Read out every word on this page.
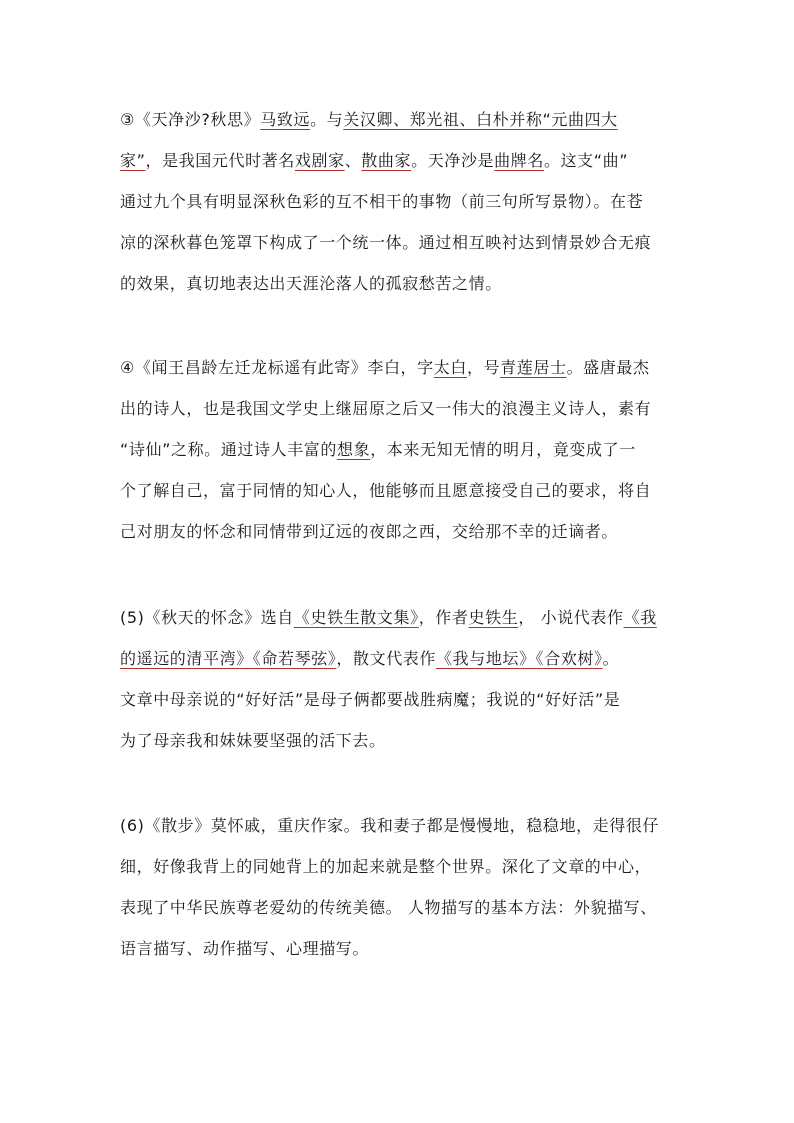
③《天净沙?秋思》马致远。与关汉卿、郑光祖、白朴并称“元曲四大
家”，是我国元代时著名戏剧家、散曲家。天净沙是曲牌名。这支“曲”
通过九个具有明显深秋色彩的互不相干的事物（前三句所写景物）。在苍
凉的深秋暮色笼罩下构成了一个统一体。通过相互映衬达到情景妙合无痕
的效果，真切地表达出天涯沦落人的孤寂愁苦之情。
④《闻王昌龄左迁龙标遥有此寄》李白，字太白，号青莲居士。盛唐最杰
出的诗人，也是我国文学史上继屈原之后又一伟大的浪漫主义诗人，素有
“诗仙”之称。通过诗人丰富的想象，本来无知无情的明月，竟变成了一
个了解自己，富于同情的知心人，他能够而且愿意接受自己的要求，将自
己对朋友的怀念和同情带到辽远的夜郎之西，交给那不幸的迁谪者。
(5)《秋天的怀念》选自《史铁生散文集》，作者史铁生， 小说代表作《我
的遥远的清平湾》《命若琴弦》，散文代表作《我与地坛》《合欢树》。
文章中母亲说的“好好活”是母子俩都要战胜病魔；我说的“好好活”是
为了母亲我和妹妹要坚强的活下去。
(6)《散步》莫怀戚，重庆作家。我和妻子都是慢慢地，稳稳地，走得很仔
细，好像我背上的同她背上的加起来就是整个世界。深化了文章的中心，
表现了中华民族尊老爱幼的传统美德。 人物描写的基本方法：外貌描写、
语言描写、动作描写、心理描写。
